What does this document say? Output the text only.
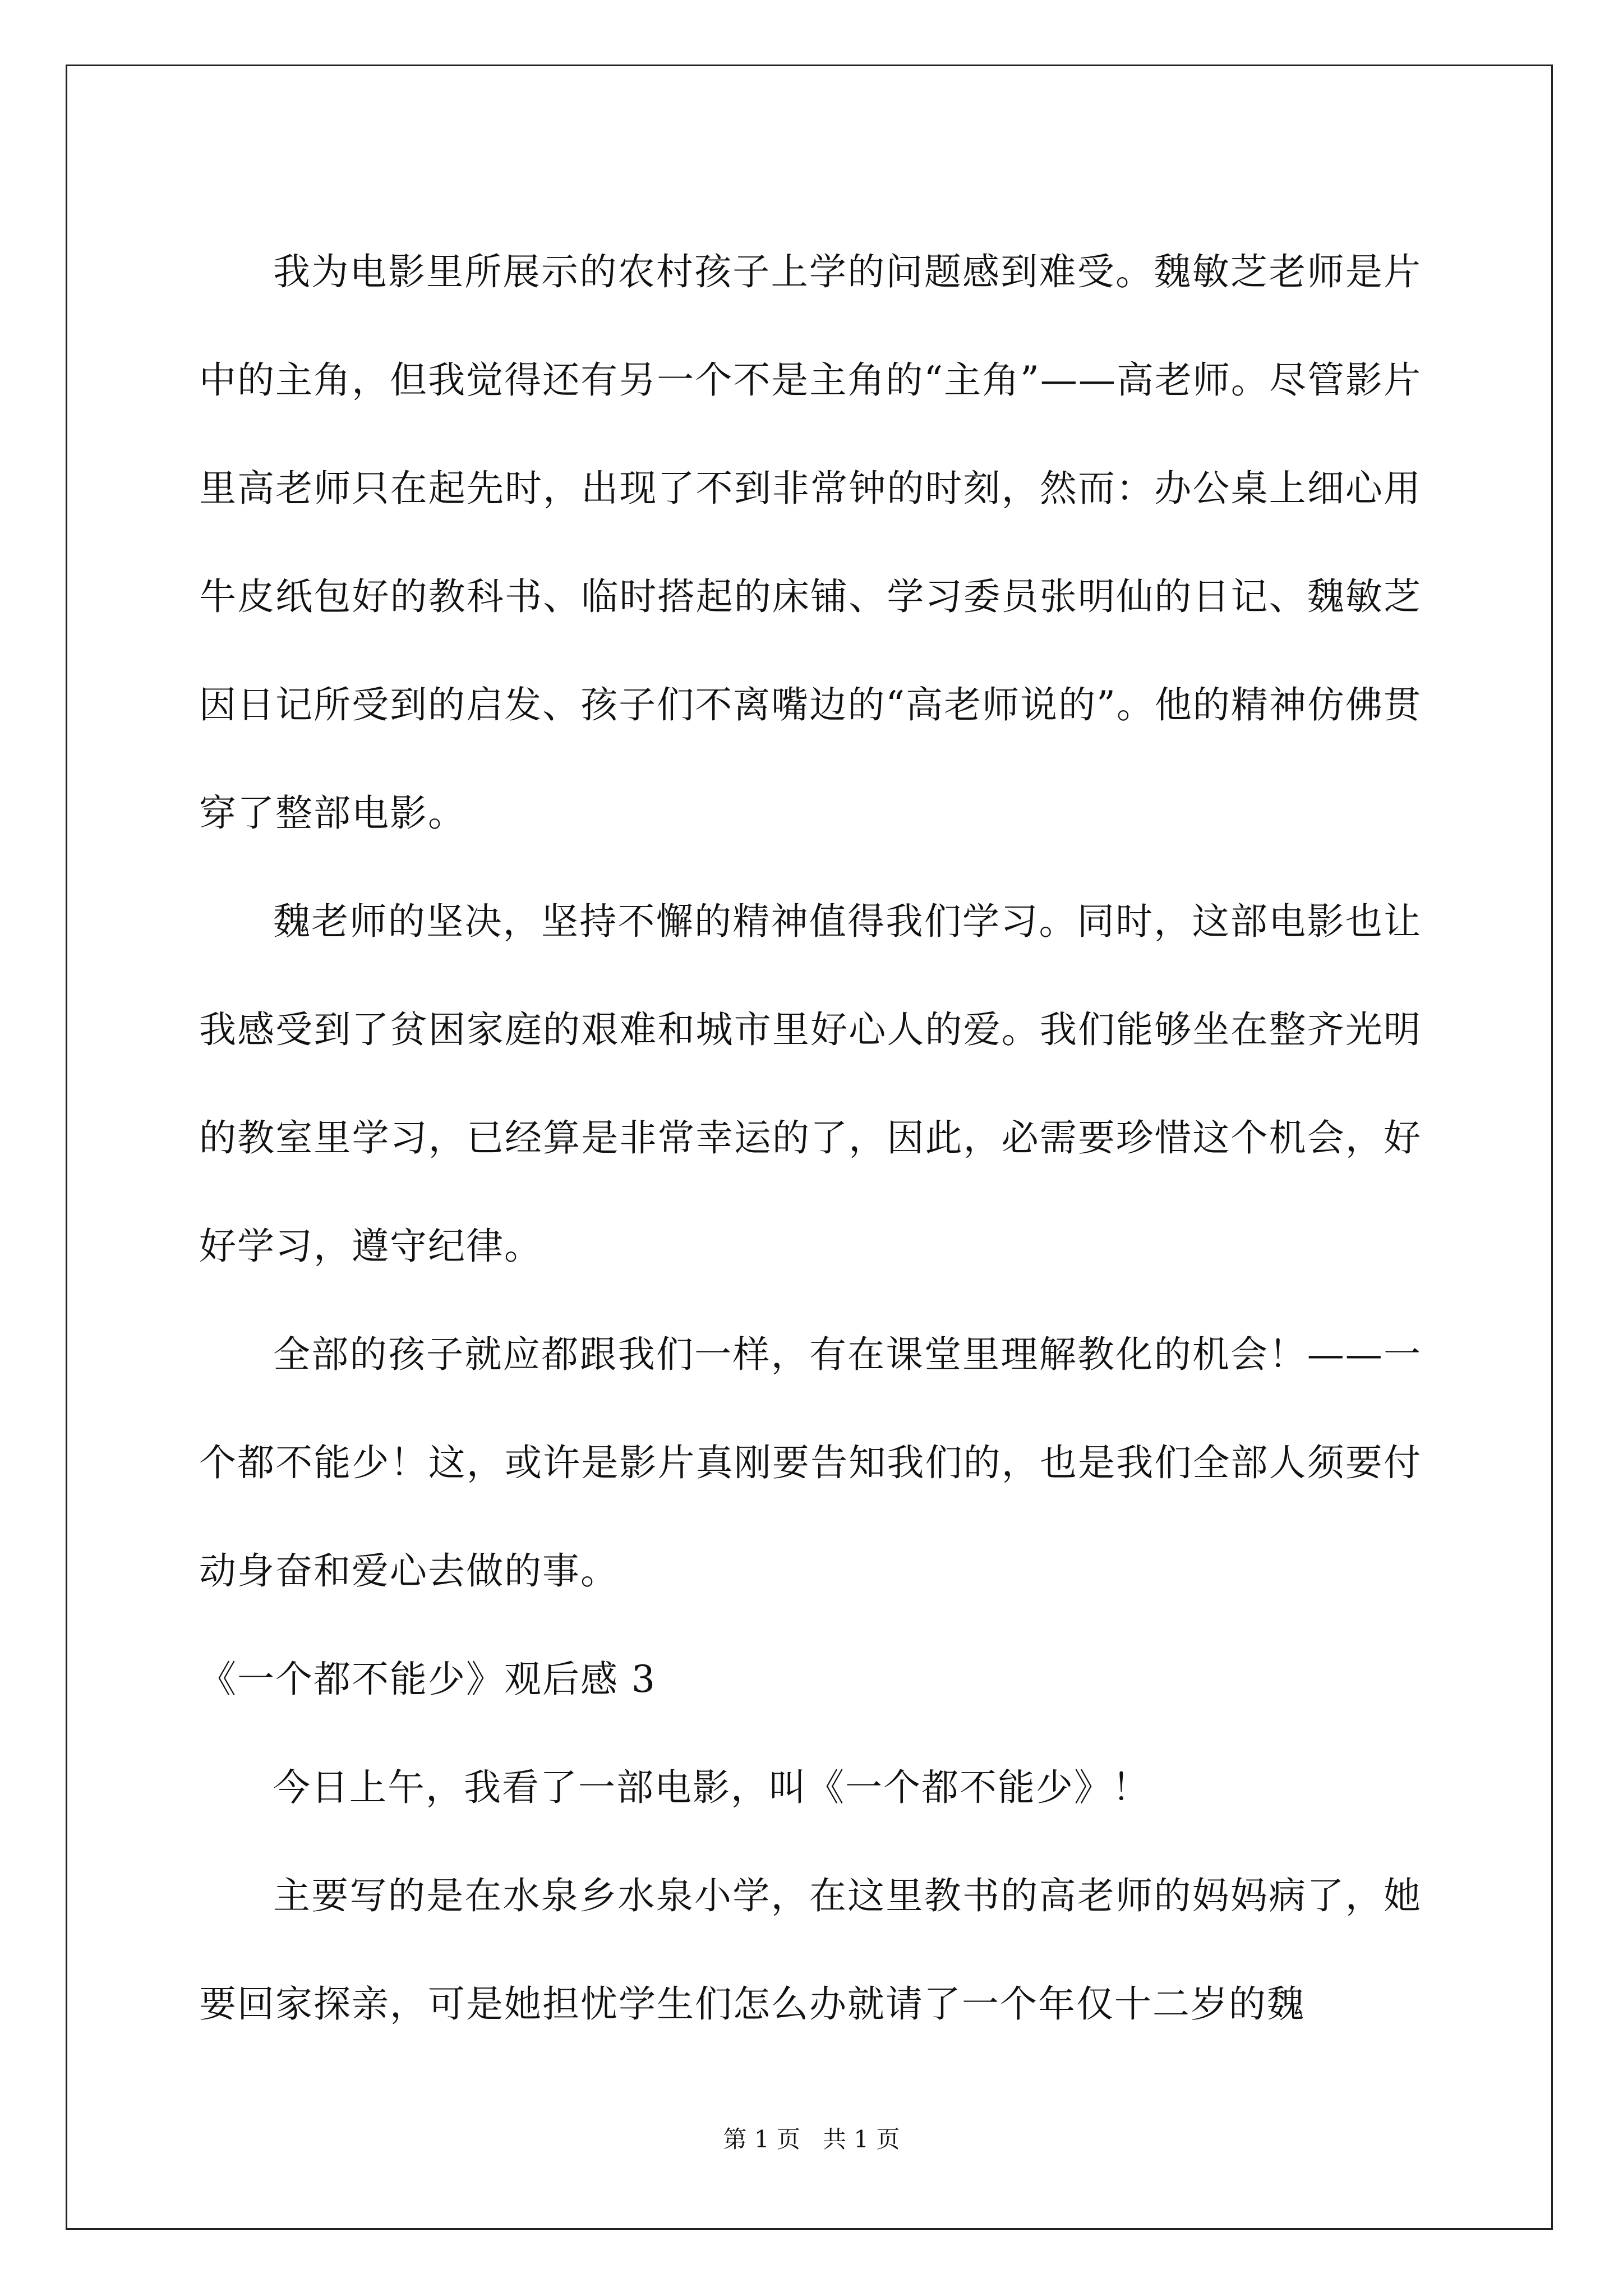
我为电影里所展示的农村孩子上学的问题感到难受。魏敏芝老师是片中的主角，但我觉得还有另一个不是主角的“主角”——高老师。尽管影片里高老师只在起先时，出现了不到非常钟的时刻，然而：办公桌上细心用牛皮纸包好的教科书、临时搭起的床铺、学习委员张明仙的日记、魏敏芝因日记所受到的启发、孩子们不离嘴边的“高老师说的”。他的精神仿佛贯穿了整部电影。

魏老师的坚决，坚持不懈的精神值得我们学习。同时，这部电影也让我感受到了贫困家庭的艰难和城市里好心人的爱。我们能够坐在整齐光明的教室里学习，已经算是非常幸运的了，因此，必需要珍惜这个机会，好好学习，遵守纪律。

全部的孩子就应都跟我们一样，有在课堂里理解教化的机会！——一个都不能少！这，或许是影片真刚要告知我们的，也是我们全部人须要付动身奋和爱心去做的事。

《一个都不能少》观后感 3

今日上午，我看了一部电影，叫《一个都不能少》！

主要写的是在水泉乡水泉小学，在这里教书的高老师的妈妈病了，她要回家探亲，可是她担忧学生们怎么办就请了一个年仅十二岁的魏

第 1 页   共 1 页
